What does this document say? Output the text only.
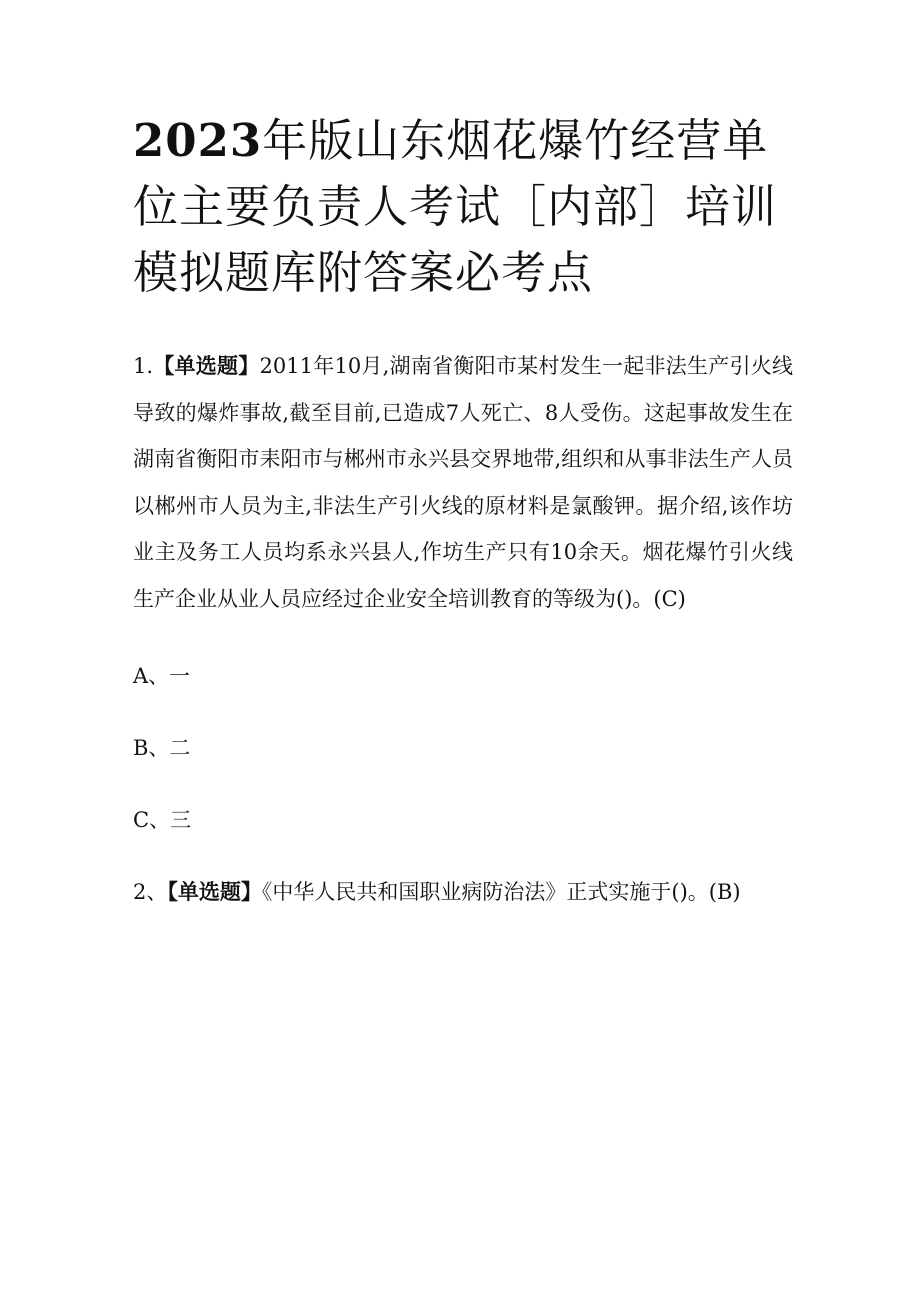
2023年版山东烟花爆竹经营单位主要负责人考试［内部］培训模拟题库附答案必考点

1.【单选题】2011年10月,湖南省衡阳市某村发生一起非法生产引火线导致的爆炸事故,截至目前,已造成7人死亡、8人受伤。这起事故发生在湖南省衡阳市耒阳市与郴州市永兴县交界地带,组织和从事非法生产人员以郴州市人员为主,非法生产引火线的原材料是氯酸钾。据介绍,该作坊业主及务工人员均系永兴县人,作坊生产只有10余天。烟花爆竹引火线生产企业从业人员应经过企业安全培训教育的等级为()。(C)

A、一

B、二

C、三

2、【单选题】《中华人民共和国职业病防治法》正式实施于()。(B)
